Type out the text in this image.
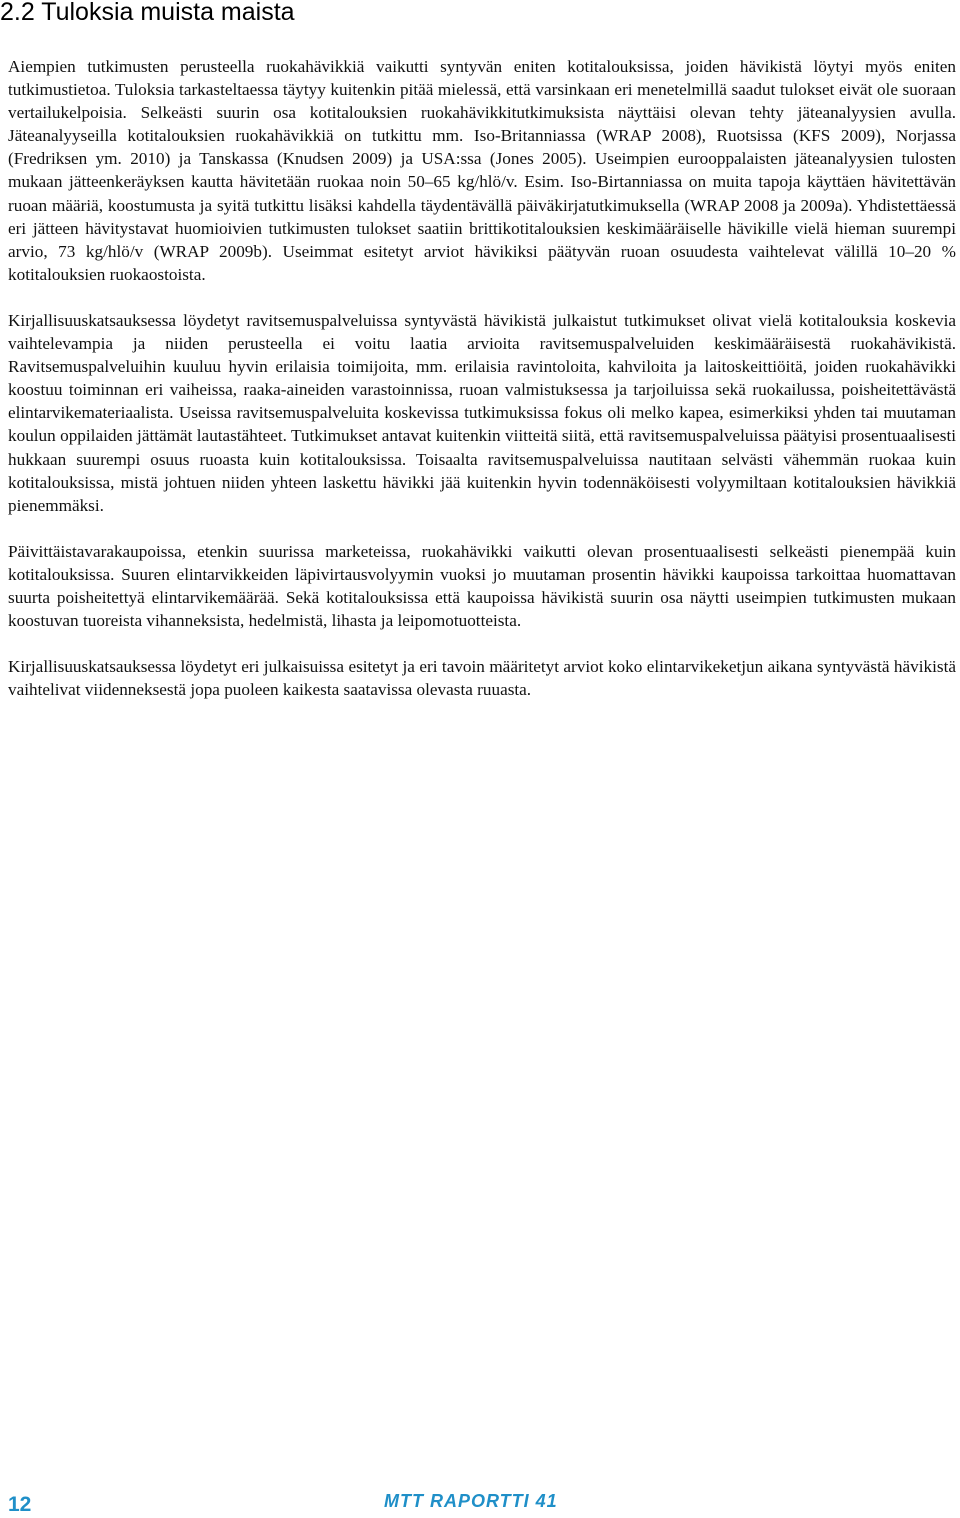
2.2 Tuloksia muista maista

Aiempien tutkimusten perusteella ruokahävikkiä vaikutti syntyvän eniten kotitalouksissa, joiden hävikistä löytyi myös eniten tutkimustietoa. Tuloksia tarkasteltaessa täytyy kuitenkin pitää mielessä, että varsinkaan eri menetelmillä saadut tulokset eivät ole suoraan vertailukelpoisia. Selkeästi suurin osa kotitalouksien ruokahävikkitutkimuksista näyttäisi olevan tehty jäteanalyysien avulla. Jäteanalyyseilla kotitalouksien ruokahävikkiä on tutkittu mm. Iso-Britanniassa (WRAP 2008), Ruotsissa (KFS 2009), Norjassa (Fredriksen ym. 2010) ja Tanskassa (Knudsen 2009) ja USA:ssa (Jones 2005). Useimpien eurooppalaisten jäteanalyysien tulosten mukaan jätteenkeräyksen kautta hävitetään ruokaa noin 50–65 kg/hlö/v. Esim. Iso-Birtanniassa on muita tapoja käyttäen hävitettävän ruoan määriä, koostumusta ja syitä tutkittu lisäksi kahdella täydentävällä päiväkirjatutkimuksella (WRAP 2008 ja 2009a). Yhdistettäessä eri jätteen hävitystavat huomioivien tutkimusten tulokset saatiin brittikotitalouksien keskimääräiselle hävikille vielä hieman suurempi arvio, 73 kg/hlö/v (WRAP 2009b). Useimmat esitetyt arviot hävikiksi päätyvän ruoan osuudesta vaihtelevat välillä 10–20 % kotitalouksien ruokaostoista.

Kirjallisuuskatsauksessa löydetyt ravitsemuspalveluissa syntyvästä hävikistä julkaistut tutkimukset olivat vielä kotitalouksia koskevia vaihtelevampia ja niiden perusteella ei voitu laatia arvioita ravitsemuspalveluiden keskimääräisestä ruokahävikistä. Ravitsemuspalveluihin kuuluu hyvin erilaisia toimijoita, mm. erilaisia ravintoloita, kahviloita ja laitoskeittiöitä, joiden ruokahävikki koostuu toiminnan eri vaiheissa, raaka-aineiden varastoinnissa, ruoan valmistuksessa ja tarjoiluissa sekä ruokailussa, poisheitettävästä elintarvikemateriaalista. Useissa ravitsemuspalveluita koskevissa tutkimuksissa fokus oli melko kapea, esimerkiksi yhden tai muutaman koulun oppilaiden jättämät lautastähteet. Tutkimukset antavat kuitenkin viitteitä siitä, että ravitsemuspalveluissa päätyisi prosentuaalisesti hukkaan suurempi osuus ruoasta kuin kotitalouksissa. Toisaalta ravitsemuspalveluissa nautitaan selvästi vähemmän ruokaa kuin kotitalouksissa, mistä johtuen niiden yhteen laskettu hävikki jää kuitenkin hyvin todennäköisesti volyymiltaan kotitalouksien hävikkiä pienemmäksi.

Päivittäistavarakaupoissa, etenkin suurissa marketeissa, ruokahävikki vaikutti olevan prosentuaalisesti selkeästi pienempää kuin kotitalouksissa. Suuren elintarvikkeiden läpivirtausvolyymin vuoksi jo muutaman prosentin hävikki kaupoissa tarkoittaa huomattavan suurta poisheitettyä elintarvikemäärää. Sekä kotitalouksissa että kaupoissa hävikistä suurin osa näytti useimpien tutkimusten mukaan koostuvan tuoreista vihanneksista, hedelmistä, lihasta ja leipomotuotteista.

Kirjallisuuskatsauksessa löydetyt eri julkaisuissa esitetyt ja eri tavoin määritetyt arviot koko elintarvikeketjun aikana syntyvästä hävikistä vaihtelivat viidenneksestä jopa puoleen kaikesta saatavissa olevasta ruuasta.

12	MTT RAPORTTI 41
